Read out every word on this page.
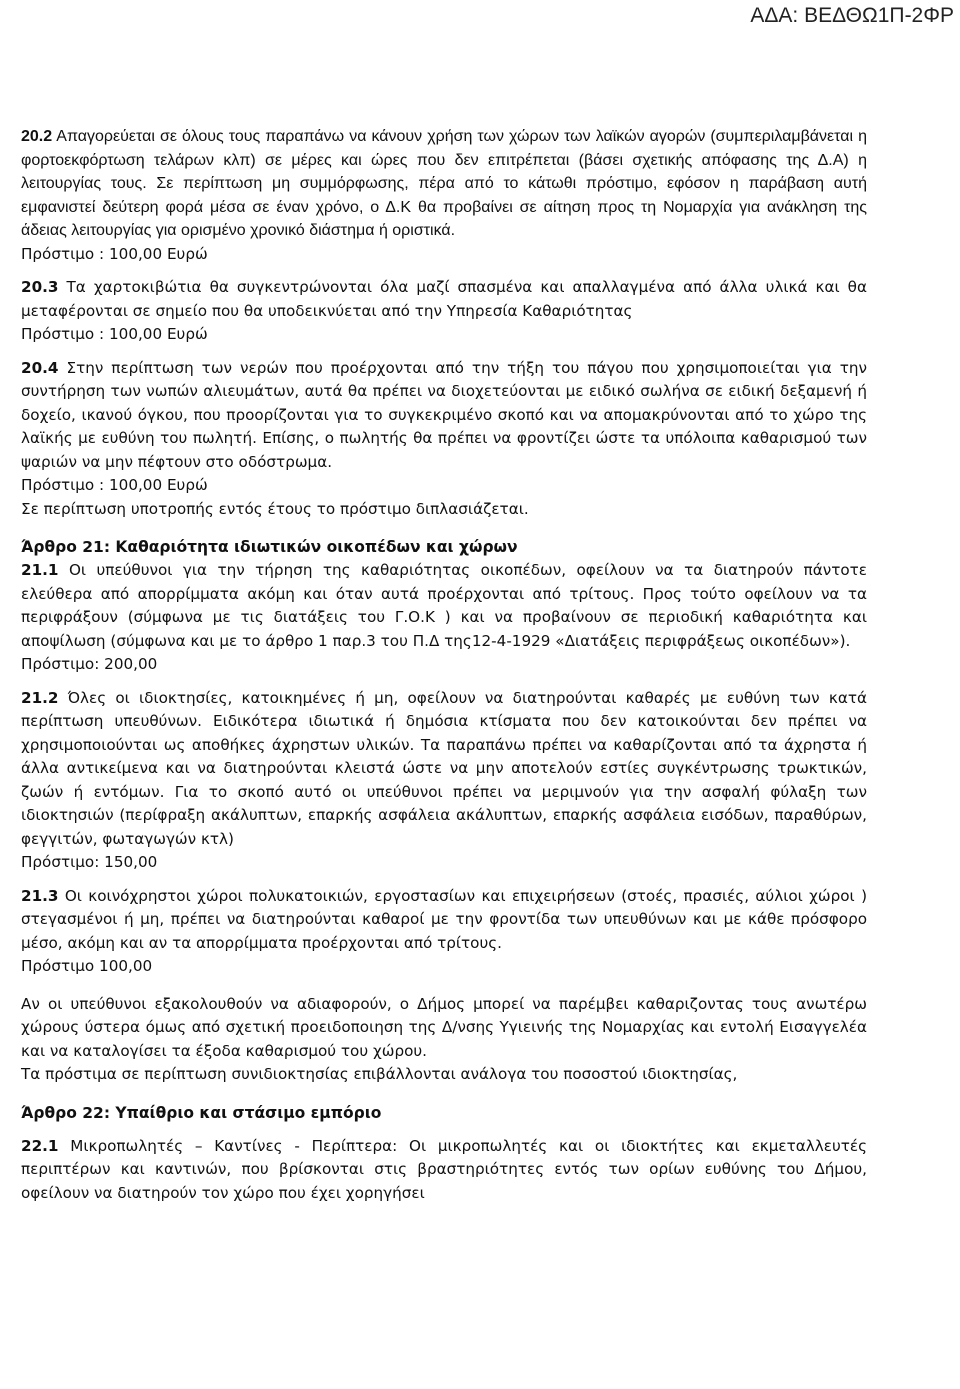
ΑΔΑ: ΒΕΔΘΩ1Π-2ΦΡ

20.2 Απαγορεύεται σε όλους τους παραπάνω να κάνουν χρήση των χώρων των λαϊκών αγορών (συμπεριλαμβάνεται η φορτοεκφόρτωση τελάρων κλπ) σε μέρες και ώρες που δεν επιτρέπεται (βάσει σχετικής απόφασης της Δ.Α) η λειτουργίας τους. Σε περίπτωση μη συμμόρφωσης, πέρα από το κάτωθι πρόστιμο, εφόσον η παράβαση αυτή εμφανιστεί δεύτερη φορά μέσα σε έναν χρόνο, ο Δ.Κ θα προβαίνει σε αίτηση προς τη Νομαρχία για ανάκληση της άδειας λειτουργίας για ορισμένο χρονικό διάστημα ή οριστικά.

Πρόστιμο : 100,00 Ευρώ

20.3 Τα χαρτοκιβώτια θα συγκεντρώνονται όλα μαζί σπασμένα και απαλλαγμένα από άλλα υλικά και θα μεταφέρονται σε σημείο που θα υποδεικνύεται από την Υπηρεσία Καθαριότητας

Πρόστιμο : 100,00 Ευρώ

20.4 Στην περίπτωση των νερών που προέρχονται από την τήξη του πάγου που χρησιμοποιείται για την συντήρηση των νωπών αλιευμάτων, αυτά θα πρέπει να διοχετεύονται με ειδικό σωλήνα σε ειδική δεξαμενή ή δοχείο, ικανού όγκου, που προορίζονται για το συγκεκριμένο σκοπό και να απομακρύνονται από το χώρο της λαϊκής με ευθύνη του πωλητή. Επίσης, ο πωλητής θα πρέπει να φροντίζει ώστε τα υπόλοιπα καθαρισμού των ψαριών να μην πέφτουν στο οδόστρωμα.

Πρόστιμο : 100,00 Ευρώ

Σε περίπτωση υποτροπής εντός έτους το πρόστιμο διπλασιάζεται.

Άρθρο 21: Καθαριότητα ιδιωτικών οικοπέδων και χώρων

21.1 Οι υπεύθυνοι για την τήρηση της καθαριότητας οικοπέδων, οφείλουν να τα διατηρούν πάντοτε ελεύθερα από απορρίμματα ακόμη και όταν αυτά προέρχονται από τρίτους. Προς τούτο οφείλουν να τα περιφράξουν (σύμφωνα με τις διατάξεις του Γ.Ο.Κ ) και να προβαίνουν σε περιοδική καθαριότητα και αποψίλωση (σύμφωνα και με το άρθρο 1 παρ.3 του Π.Δ της12-4-1929 «Διατάξεις περιφράξεως οικοπέδων»).

Πρόστιμο: 200,00

21.2 Όλες οι ιδιοκτησίες, κατοικημένες ή μη, οφείλουν να διατηρούνται καθαρές με ευθύνη των κατά περίπτωση υπευθύνων. Ειδικότερα ιδιωτικά ή δημόσια κτίσματα που δεν κατοικούνται δεν πρέπει να χρησιμοποιούνται ως αποθήκες άχρηστων υλικών. Τα παραπάνω πρέπει να καθαρίζονται από τα άχρηστα ή άλλα αντικείμενα και να διατηρούνται κλειστά ώστε να μην αποτελούν εστίες συγκέντρωσης τρωκτικών, ζωών ή εντόμων. Για το σκοπό αυτό οι υπεύθυνοι πρέπει να μεριμνούν για την ασφαλή φύλαξη των ιδιοκτησιών (περίφραξη ακάλυπτων, επαρκής ασφάλεια ακάλυπτων, επαρκής ασφάλεια εισόδων, παραθύρων, φεγγιτών, φωταγωγών κτλ)

Πρόστιμο: 150,00

21.3 Οι κοινόχρηστοι χώροι πολυκατοικιών, εργοστασίων και επιχειρήσεων (στοές, πρασιές, αύλιοι χώροι ) στεγασμένοι ή μη, πρέπει να διατηρούνται καθαροί με την φροντίδα των υπευθύνων και με κάθε πρόσφορο μέσο, ακόμη και αν τα απορρίμματα προέρχονται από τρίτους.

Πρόστιμο 100,00

Αν οι υπεύθυνοι εξακολουθούν να αδιαφορούν, ο Δήμος μπορεί να παρέμβει καθαριζοντας τους ανωτέρω χώρους ύστερα όμως από σχετική προειδοποιηση της Δ/νσης Υγιεινής της Νομαρχίας και εντολή Εισαγγελέα και να καταλογίσει τα έξοδα καθαρισμού του χώρου.

Τα πρόστιμα σε περίπτωση συνιδιοκτησίας επιβάλλονται ανάλογα του ποσοστού ιδιοκτησίας,

Άρθρο 22: Υπαίθριο και στάσιμο εμπόριο

22.1 Μικροπωλητές – Καντίνες - Περίπτερα: Οι μικροπωλητές και οι ιδιοκτήτες και εκμεταλλευτές περιπτέρων και καντινών, που βρίσκονται στις βραστηριότητες εντός των ορίων ευθύνης του Δήμου, οφείλουν να διατηρούν τον χώρο που έχει χορηγήσει
